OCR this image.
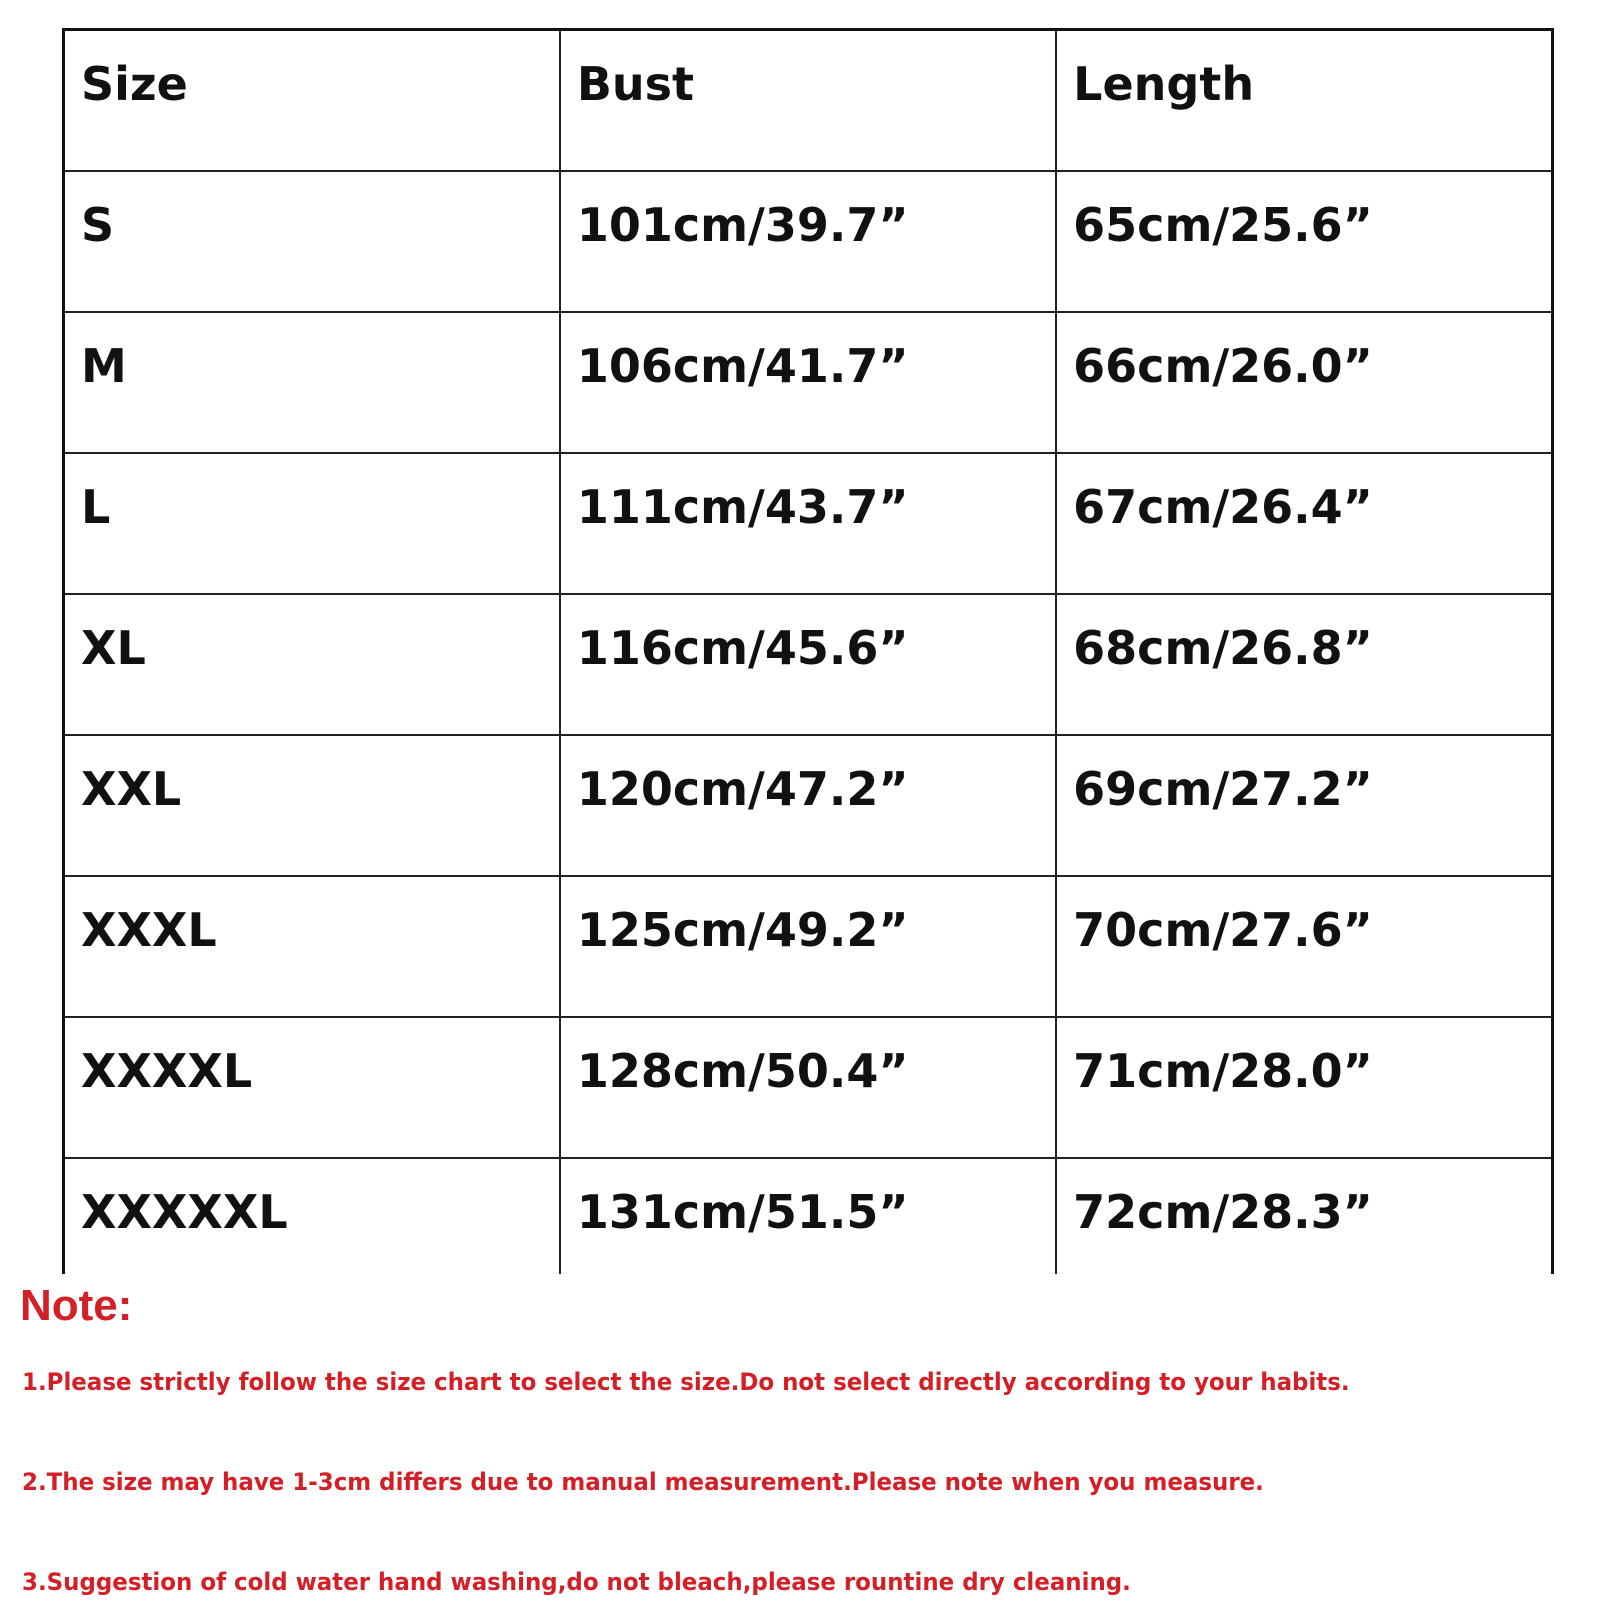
Size	Bust	Length

S	101cm/39.7”	65cm/25.6”

M	106cm/41.7”	66cm/26.0”

L	111cm/43.7”	67cm/26.4”

XL	116cm/45.6”	68cm/26.8”

XXL	120cm/47.2”	69cm/27.2”

XXXL	125cm/49.2”	70cm/27.6”

XXXXL	128cm/50.4”	71cm/28.0”

XXXXXL	131cm/51.5”	72cm/28.3”
Note:

1.Please strictly follow the size chart to select the size.Do not select directly according to your habits.

2.The size may have 1-3cm differs due to manual measurement.Please note when you measure.

3.Suggestion of cold water hand washing,do not bleach,please rountine dry cleaning.
